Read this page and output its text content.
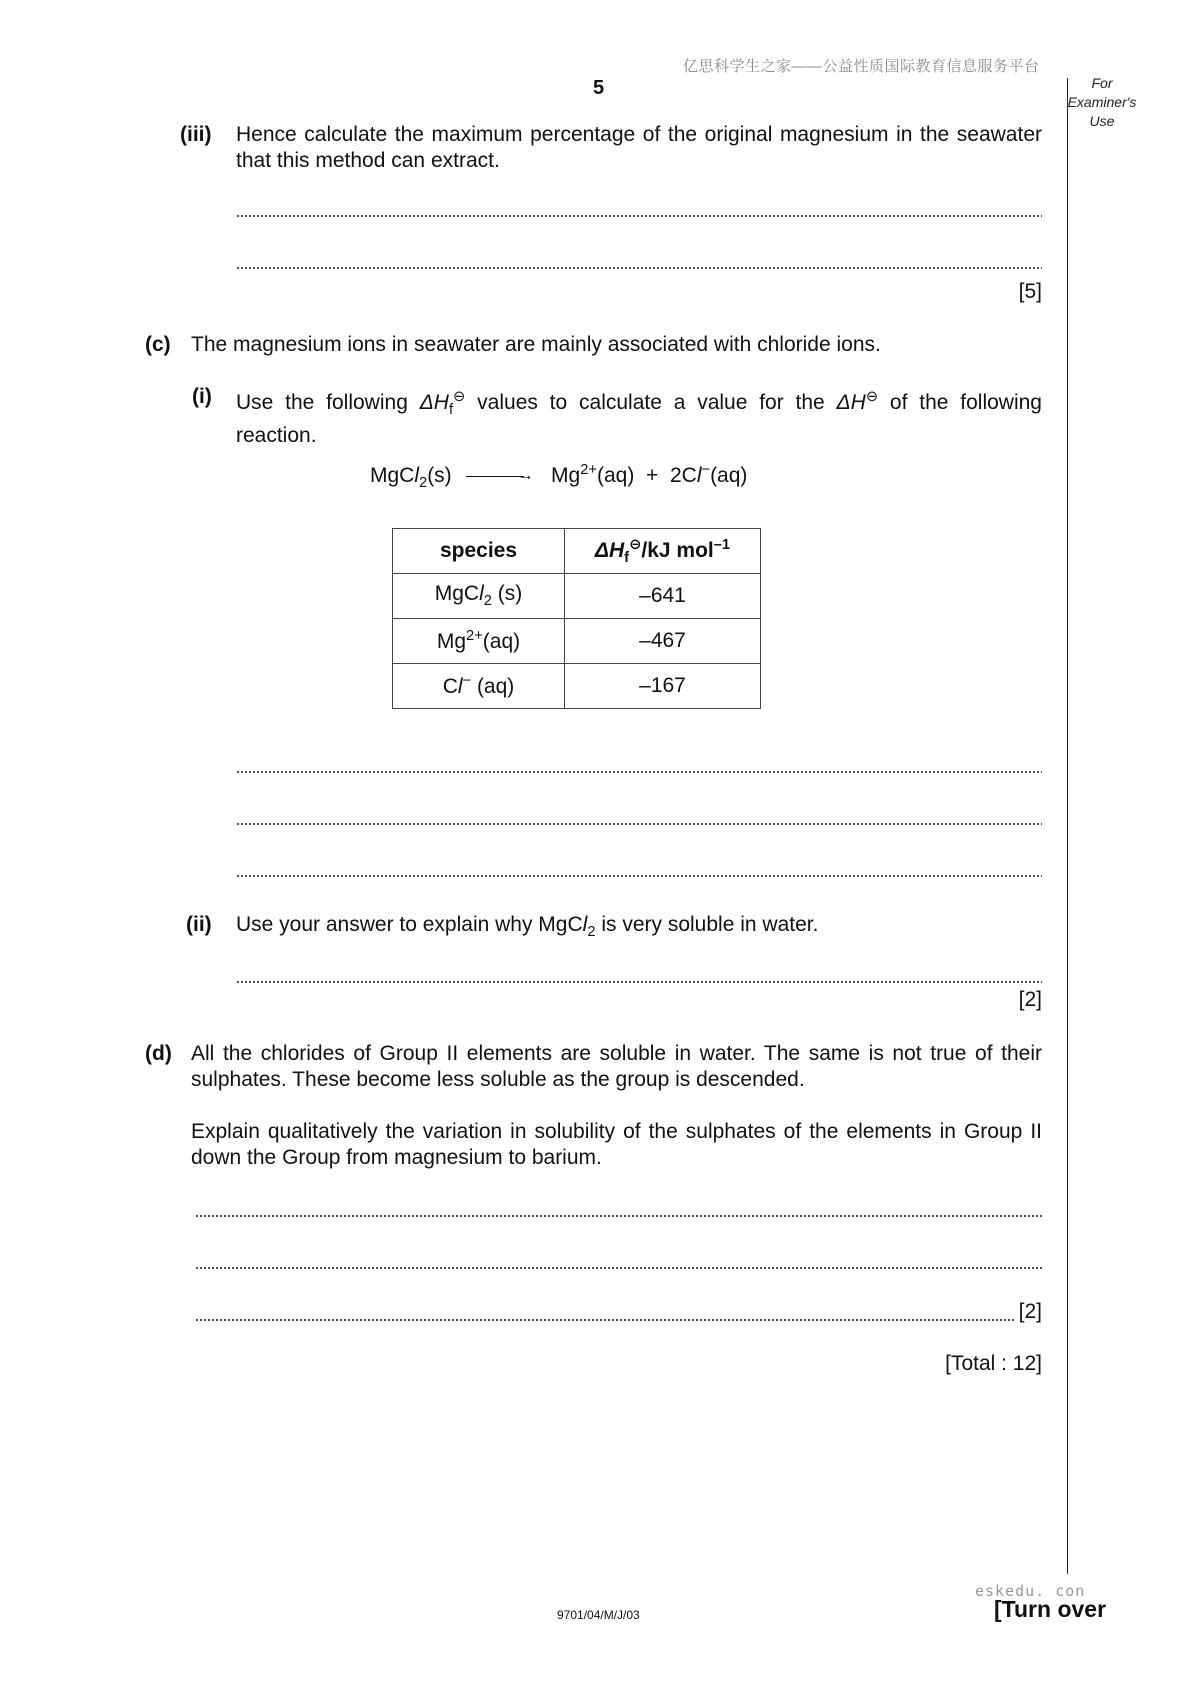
亿思科学生之家——公益性质国际教育信息服务平台
5	For
Examiner's
Use
(iii) Hence calculate the maximum percentage of the original magnesium in the seawater that this method can extract.
[5]
(c) The magnesium ions in seawater are mainly associated with chloride ions.
(i) Use the following $\Delta H_f^⊖$ values to calculate a value for the ΔH⊖ of the following reaction.
MgCl$_2$(s)	→ $Mg^{2+}(aq) + 2Cl^-(aq)$
species	$\Delta H_f^⊖/kJ$ mol$^{-1}$
MgCl$_2$ (s)	–641
$Mg^{2+}(aq)$	–467
Cl− (aq)	–167
(ii) Use your answer to explain why MgCl$_2$ is very soluble in water.
[2]
(d) All the chlorides of Group II elements are soluble in water. The same is not true of their sulphates. These become less soluble as the group is descended.
Explain qualitatively the variation in solubility of the sulphates of the elements in Group II down the Group from magnesium to barium.
[2]
[Total : 12]
eskedu. con
9701/04/M/J/03	[Turn over
